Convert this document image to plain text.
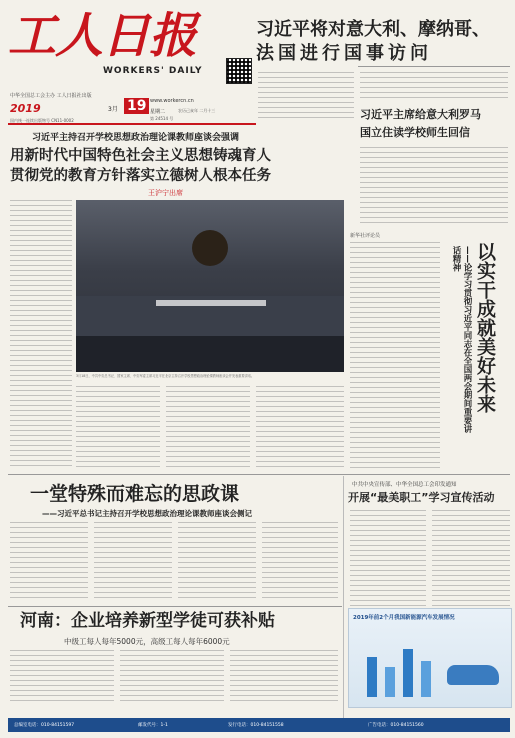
工人日报
WORKERS' DAILY
中华全国总工会主办 工人日报社出版
2019	3月 19 www.workercn.cn
星期二	农历己亥年 二月十三
第 24514 号
国内统一连续出版物号 CN11-0002
习近平将对意大利、摩纳哥、
法国进行国事访问
习近平主席给意大利罗马
国立住读学校师生回信
习近平主持召开学校思想政治理论课教师座谈会强调
用新时代中国特色社会主义思想铸魂育人
贯彻党的教育方针落实立德树人根本任务
王沪宁出席
3月18日，中共中央总书记、国家主席、中央军委主席习近平在北京主持召开学校思想政治理论课教师座谈会并发表重要讲话。
新华社评论员
以实干成就美好未来
——论学习贯彻习近平同志在全国两会期间重要讲话精神
一堂特殊而难忘的思政课
——习近平总书记主持召开学校思想政治理论课教师座谈会侧记
中共中央宣传部、中华全国总工会印发通知
开展“最美职工”学习宣传活动
河南：企业培养新型学徒可获补贴
中级工每人每年5000元，高级工每人每年6000元
2019年前2个月我国新能源汽车发展情况
总编室电话：010-84151597	邮发代号：1-1	发行电话：010-84151558	广告电话：010-84151560
